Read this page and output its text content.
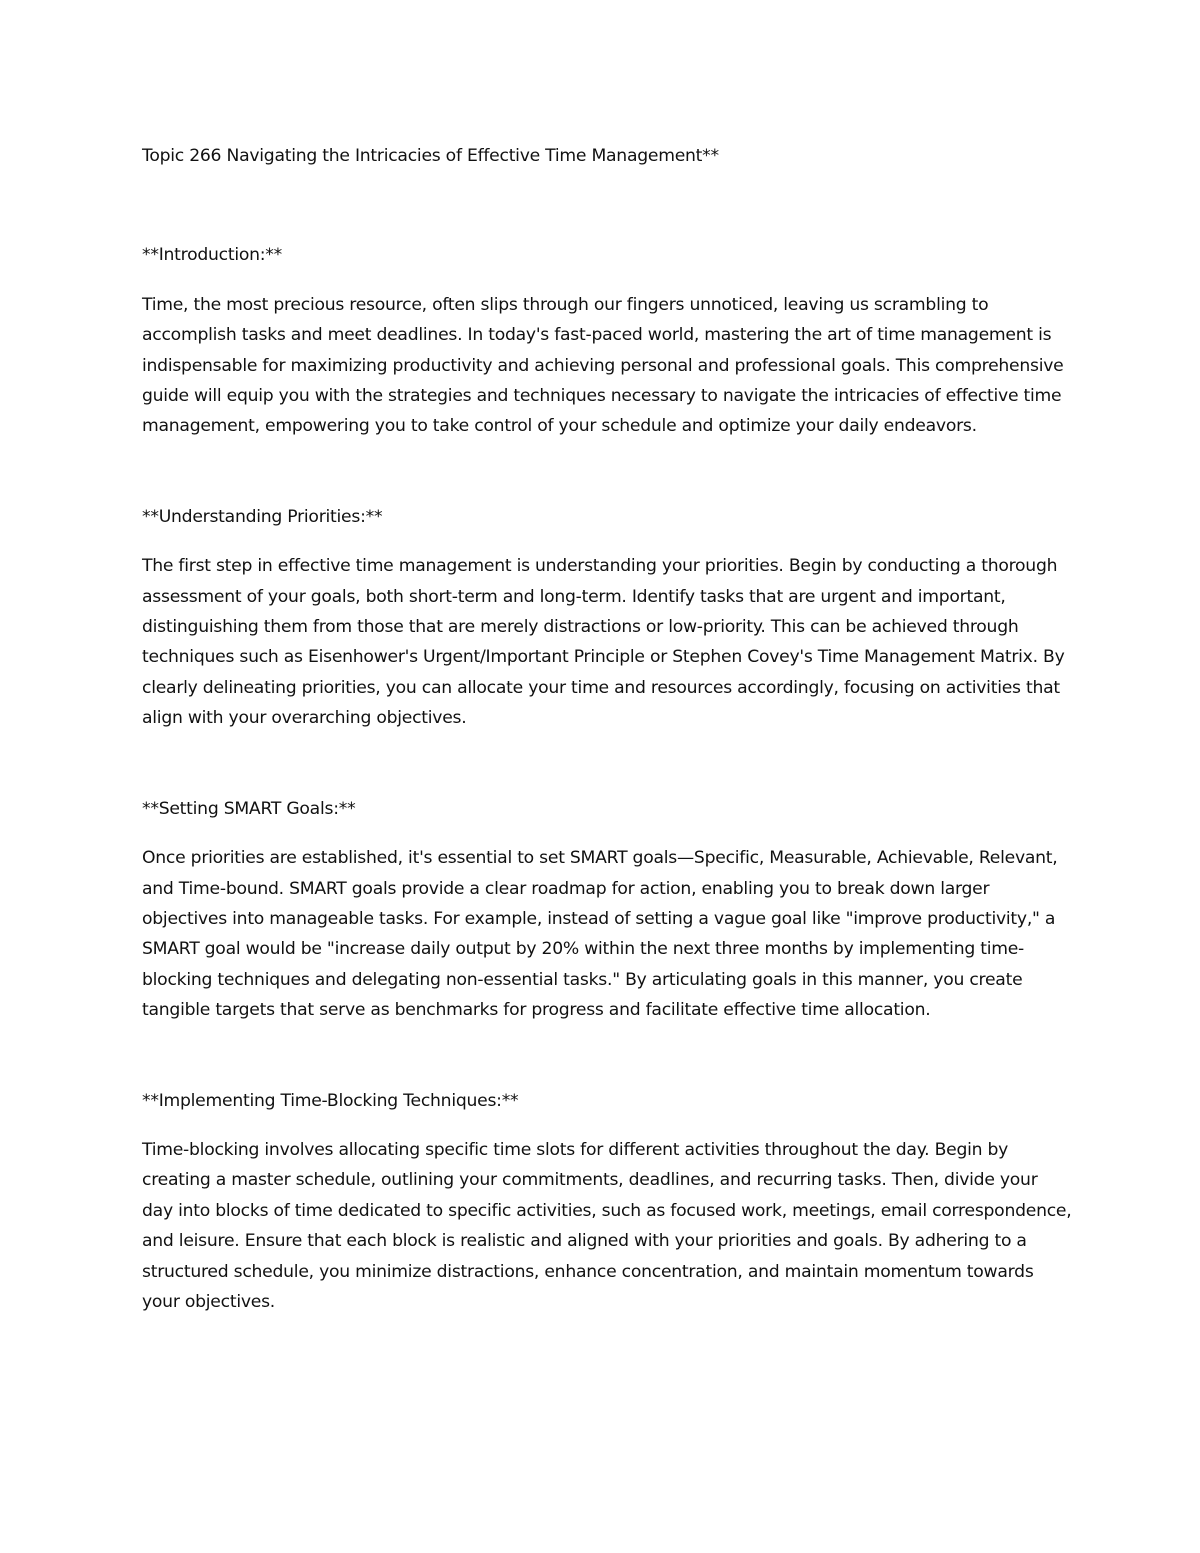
Topic 266 Navigating the Intricacies of Effective Time Management**

**Introduction:**

Time, the most precious resource, often slips through our fingers unnoticed, leaving us scrambling to accomplish tasks and meet deadlines. In today's fast-paced world, mastering the art of time management is indispensable for maximizing productivity and achieving personal and professional goals. This comprehensive guide will equip you with the strategies and techniques necessary to navigate the intricacies of effective time management, empowering you to take control of your schedule and optimize your daily endeavors.

**Understanding Priorities:**

The first step in effective time management is understanding your priorities. Begin by conducting a thorough assessment of your goals, both short-term and long-term. Identify tasks that are urgent and important, distinguishing them from those that are merely distractions or low-priority. This can be achieved through techniques such as Eisenhower's Urgent/Important Principle or Stephen Covey's Time Management Matrix. By clearly delineating priorities, you can allocate your time and resources accordingly, focusing on activities that align with your overarching objectives.

**Setting SMART Goals:**

Once priorities are established, it's essential to set SMART goals—Specific, Measurable, Achievable, Relevant, and Time-bound. SMART goals provide a clear roadmap for action, enabling you to break down larger objectives into manageable tasks. For example, instead of setting a vague goal like "improve productivity," a SMART goal would be "increase daily output by 20% within the next three months by implementing time-blocking techniques and delegating non-essential tasks." By articulating goals in this manner, you create tangible targets that serve as benchmarks for progress and facilitate effective time allocation.

**Implementing Time-Blocking Techniques:**

Time-blocking involves allocating specific time slots for different activities throughout the day. Begin by creating a master schedule, outlining your commitments, deadlines, and recurring tasks. Then, divide your day into blocks of time dedicated to specific activities, such as focused work, meetings, email correspondence, and leisure. Ensure that each block is realistic and aligned with your priorities and goals. By adhering to a structured schedule, you minimize distractions, enhance concentration, and maintain momentum towards your objectives.
